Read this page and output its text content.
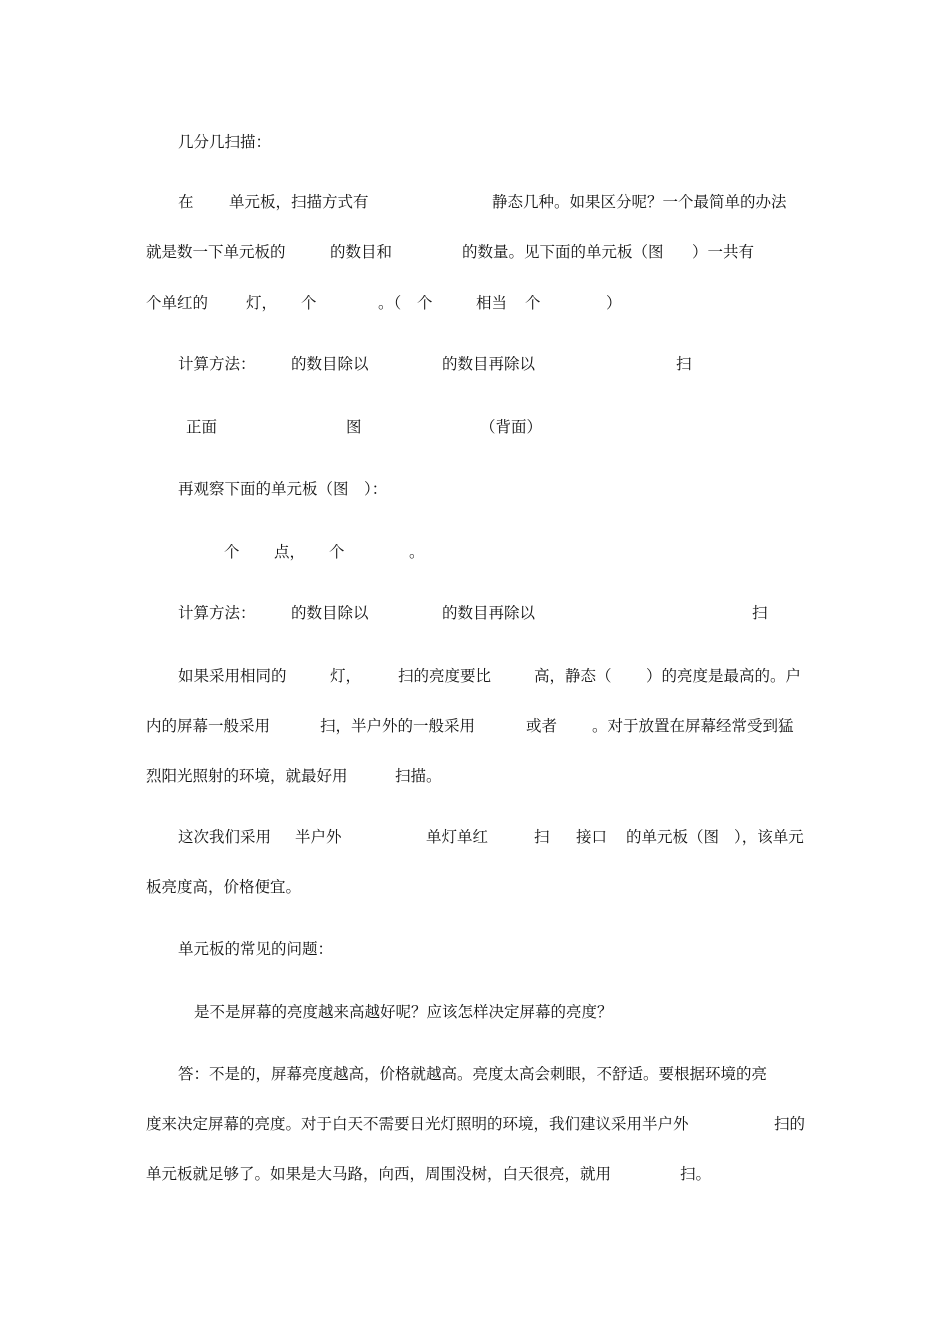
几分几扫描：
在 单元板，扫描方式有	静态几种。如果区分呢？一个最简单的办法
就是数一下单元板的	的数目和	的数量。见下面的单元板（图 ）一共有
个单红的 灯， 个	。（ 个	相当 个	）
计算方法： 的数目除以	的数目再除以	扫
正面	图	（背面）
再观察下面的单元板（图　）：
个 点， 个	。
计算方法： 的数目除以	的数目再除以	扫
如果采用相同的	灯， 扫的亮度要比	高，静态（ ）的亮度是最高的。户
内的屏幕一般采用	扫，半户外的一般采用	或者 。对于放置在屏幕经常受到猛
烈阳光照射的环境，就最好用	扫描。
这次我们采用 半户外	单灯单红	扫 接口 的单元板（图 ），该单元
板亮度高，价格便宜。
单元板的常见的问题：
是不是屏幕的亮度越来高越好呢？应该怎样决定屏幕的亮度？
答：不是的，屏幕亮度越高，价格就越高。亮度太高会刺眼，不舒适。要根据环境的亮
度来决定屏幕的亮度。对于白天不需要日光灯照明的环境，我们建议采用半户外	扫的
单元板就足够了。如果是大马路，向西，周围没树，白天很亮，就用	扫。
